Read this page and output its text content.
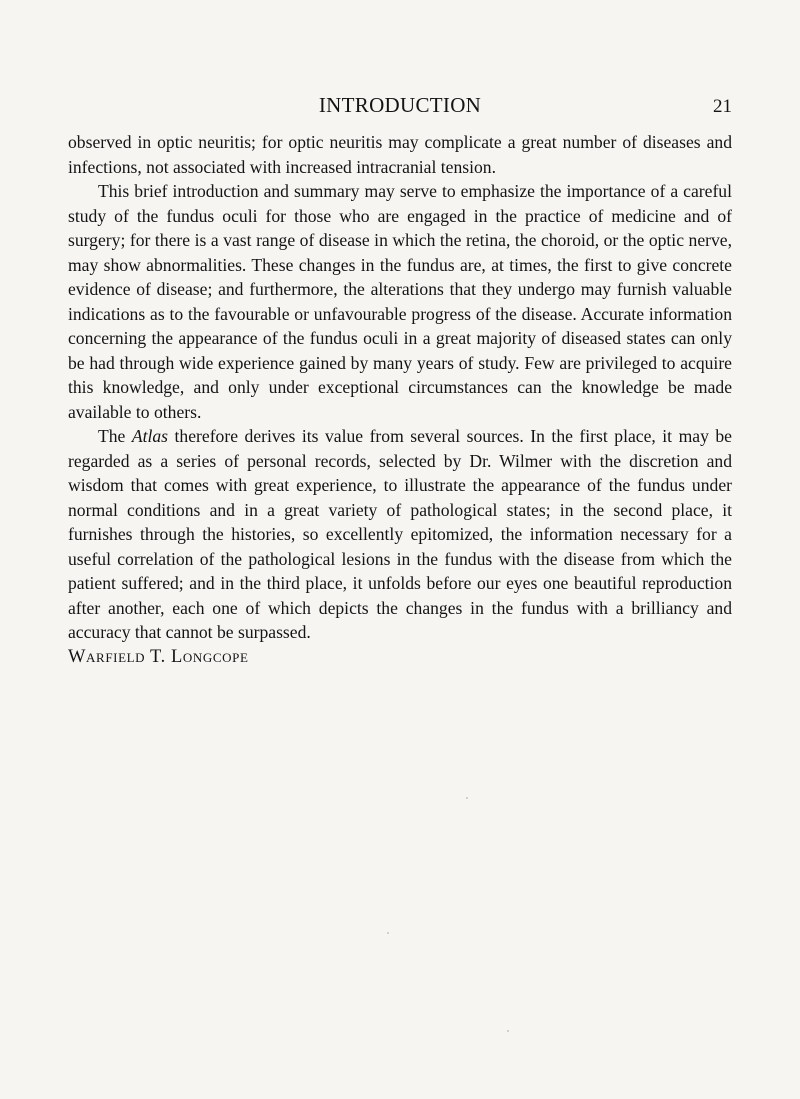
INTRODUCTION	21

observed in optic neuritis; for optic neuritis may complicate a great number of diseases and infections, not associated with increased intracranial tension.

This brief introduction and summary may serve to emphasize the importance of a careful study of the fundus oculi for those who are engaged in the practice of medicine and of surgery; for there is a vast range of disease in which the retina, the choroid, or the optic nerve, may show abnormalities. These changes in the fundus are, at times, the first to give concrete evidence of disease; and furthermore, the alterations that they undergo may furnish valuable indications as to the favourable or unfavourable progress of the disease. Accurate information concerning the appearance of the fundus oculi in a great majority of diseased states can only be had through wide experience gained by many years of study. Few are privileged to acquire this knowledge, and only under exceptional circumstances can the knowledge be made available to others.

The Atlas therefore derives its value from several sources. In the first place, it may be regarded as a series of personal records, selected by Dr. Wilmer with the discretion and wisdom that comes with great experience, to illustrate the appearance of the fundus under normal conditions and in a great variety of pathological states; in the second place, it furnishes through the histories, so excellently epitomized, the information necessary for a useful correlation of the pathological lesions in the fundus with the disease from which the patient suffered; and in the third place, it unfolds before our eyes one beautiful reproduction after another, each one of which depicts the changes in the fundus with a brilliancy and accuracy that cannot be surpassed.

Warfield T. Longcope
